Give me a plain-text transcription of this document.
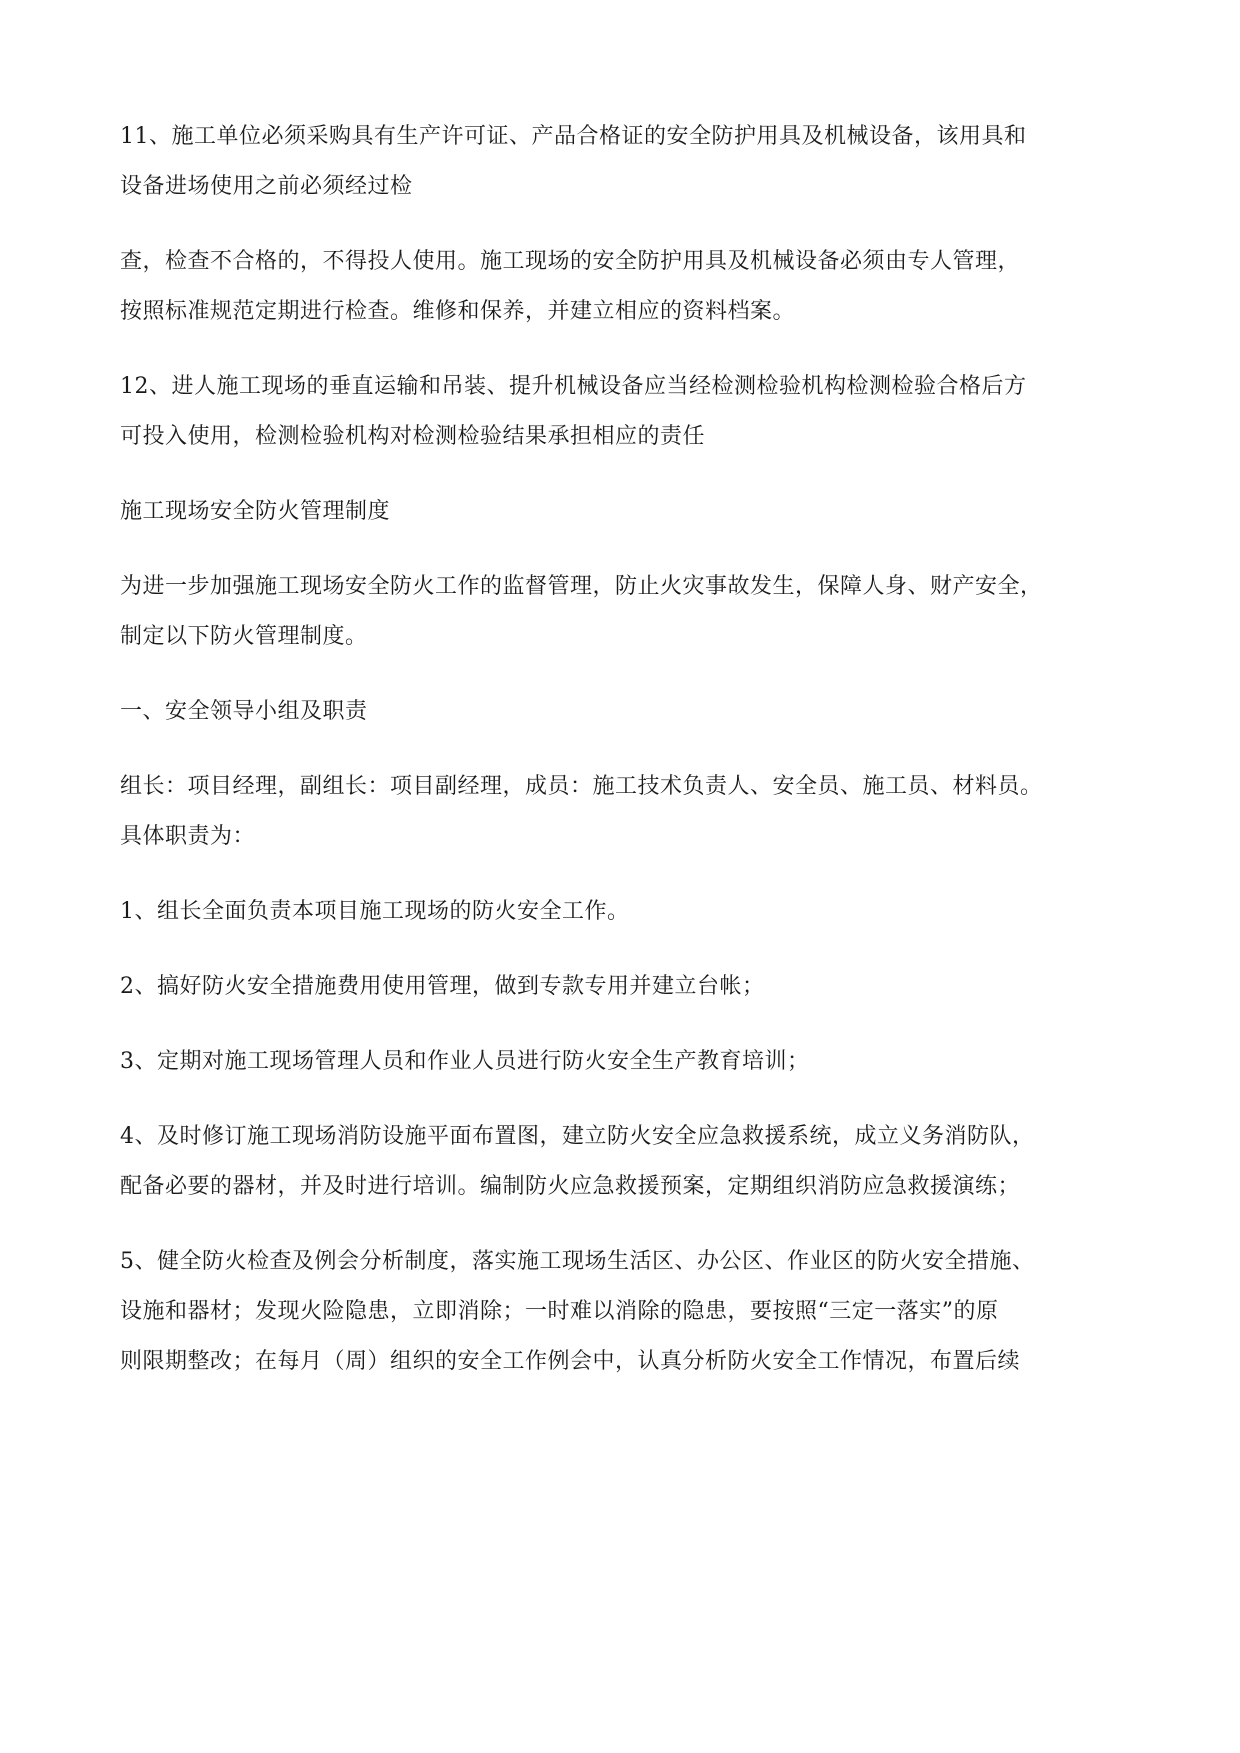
11、施工单位必须采购具有生产许可证、产品合格证的安全防护用具及机械设备，该用具和
设备进场使用之前必须经过检
查，检查不合格的，不得投人使用。施工现场的安全防护用具及机械设备必须由专人管理，
按照标准规范定期进行检查。维修和保养，并建立相应的资料档案。
12、进人施工现场的垂直运输和吊装、提升机械设备应当经检测检验机构检测检验合格后方
可投入使用，检测检验机构对检测检验结果承担相应的责任
施工现场安全防火管理制度
为进一步加强施工现场安全防火工作的监督管理，防止火灾事故发生，保障人身、财产安全，
制定以下防火管理制度。
一、安全领导小组及职责
组长：项目经理，副组长：项目副经理，成员：施工技术负责人、安全员、施工员、材料员。
具体职责为：
1、组长全面负责本项目施工现场的防火安全工作。
2、搞好防火安全措施费用使用管理，做到专款专用并建立台帐；
3、定期对施工现场管理人员和作业人员进行防火安全生产教育培训；
4、及时修订施工现场消防设施平面布置图，建立防火安全应急救援系统，成立义务消防队，
配备必要的器材，并及时进行培训。编制防火应急救援预案，定期组织消防应急救援演练；
5、健全防火检查及例会分析制度，落实施工现场生活区、办公区、作业区的防火安全措施、
设施和器材；发现火险隐患，立即消除；一时难以消除的隐患，要按照“三定一落实”的原
则限期整改；在每月（周）组织的安全工作例会中，认真分析防火安全工作情况，布置后续
